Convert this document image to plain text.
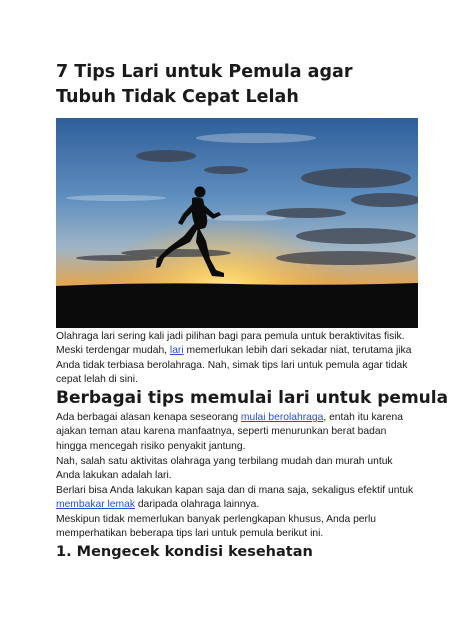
7 Tips Lari untuk Pemula agar Tubuh Tidak Cepat Lelah

Olahraga lari sering kali jadi pilihan bagi para pemula untuk beraktivitas fisik. Meski terdengar mudah, lari memerlukan lebih dari sekadar niat, terutama jika Anda tidak terbiasa berolahraga. Nah, simak tips lari untuk pemula agar tidak cepat lelah di sini.

Berbagai tips memulai lari untuk pemula

Ada berbagai alasan kenapa seseorang mulai berolahraga, entah itu karena ajakan teman atau karena manfaatnya, seperti menurunkan berat badan hingga mencegah risiko penyakit jantung.

Nah, salah satu aktivitas olahraga yang terbilang mudah dan murah untuk Anda lakukan adalah lari.

Berlari bisa Anda lakukan kapan saja dan di mana saja, sekaligus efektif untuk membakar lemak daripada olahraga lainnya.

Meskipun tidak memerlukan banyak perlengkapan khusus, Anda perlu memperhatikan beberapa tips lari untuk pemula berikut ini.

1. Mengecek kondisi kesehatan
